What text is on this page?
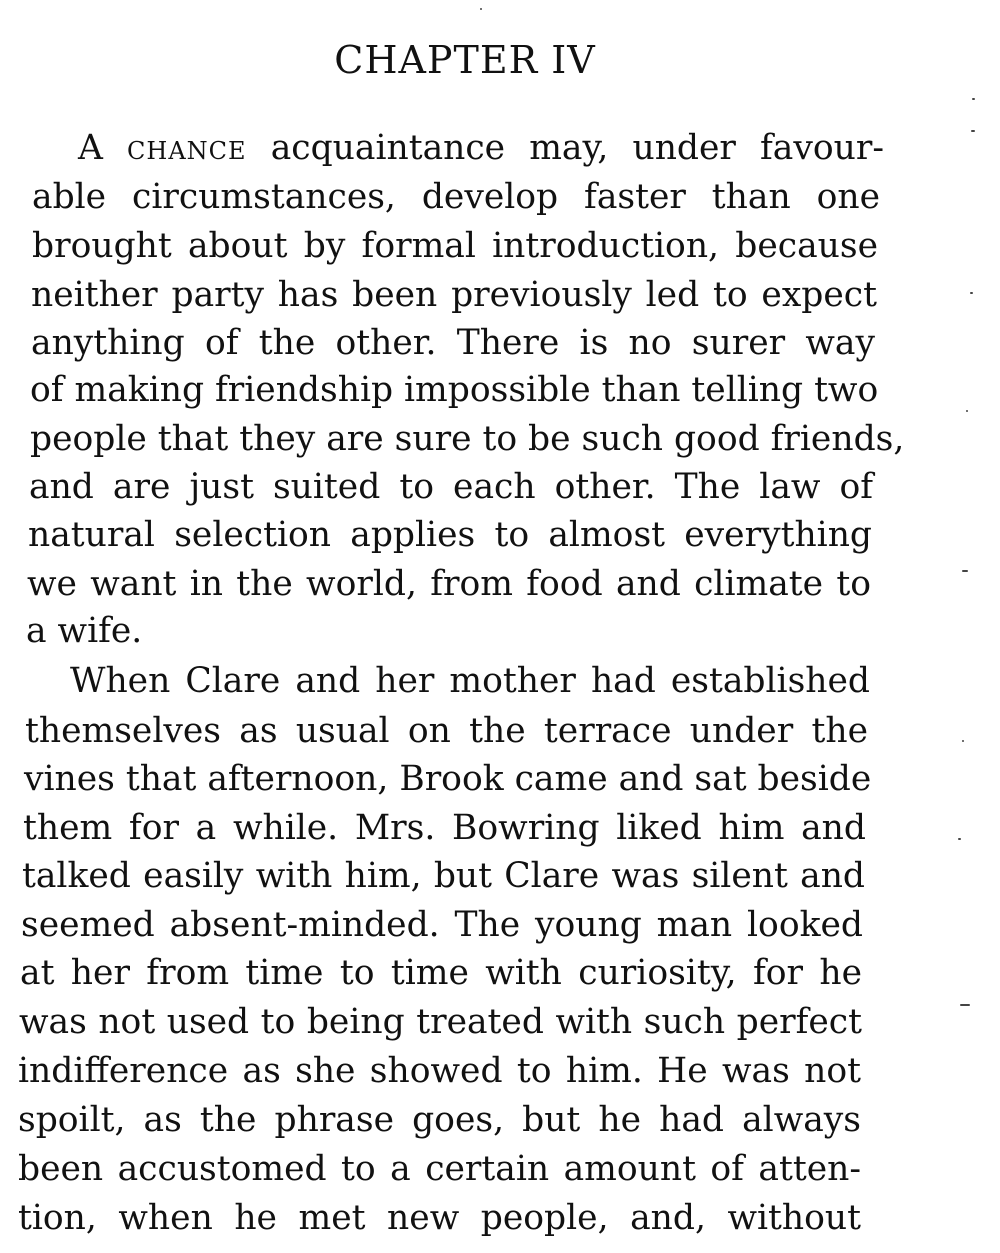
CHAPTER IV
A chance acquaintance may, under favour-
able circumstances, develop faster than one
brought about by formal introduction, because
neither party has been previously led to expect
anything of the other. There is no surer way
of making friendship impossible than telling two
people that they are sure to be such good friends,
and are just suited to each other. The law of
natural selection applies to almost everything
we want in the world, from food and climate to
a wife.
When Clare and her mother had established
themselves as usual on the terrace under the
vines that afternoon, Brook came and sat beside
them for a while. Mrs. Bowring liked him and
talked easily with him, but Clare was silent and
seemed absent-minded. The young man looked
at her from time to time with curiosity, for he
was not used to being treated with such perfect
indifference as she showed to him. He was not
spoilt, as the phrase goes, but he had always
been accustomed to a certain amount of atten-
tion, when he met new people, and, without
